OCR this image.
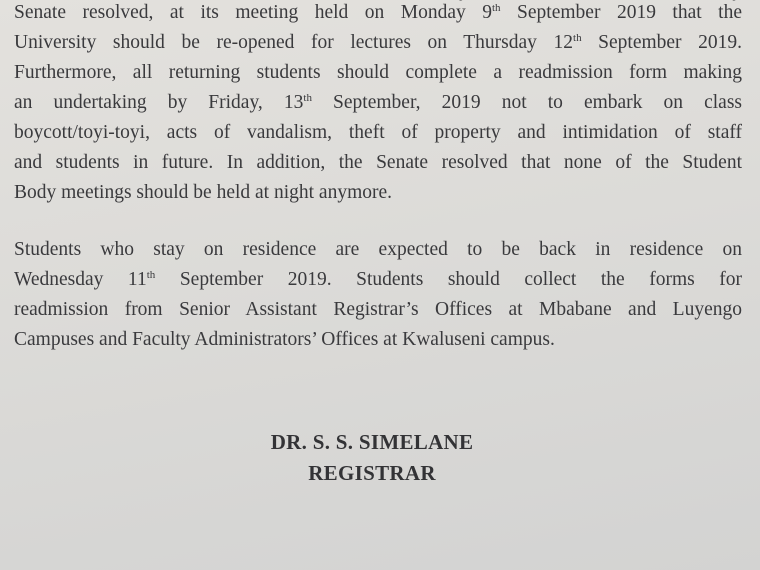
Senate resolved, at its meeting held on Monday 9th September 2019 that the
University should be re-opened for lectures on Thursday 12th September 2019.
Furthermore, all returning students should complete a readmission form making
an undertaking by Friday, 13th September, 2019 not to embark on class
boycott/toyi-toyi, acts of vandalism, theft of property and intimidation of staff
and students in future. In addition, the Senate resolved that none of the Student
Body meetings should be held at night anymore.
Students who stay on residence are expected to be back in residence on
Wednesday 11th September 2019. Students should collect the forms for
readmission from Senior Assistant Registrar’s Offices at Mbabane and Luyengo
Campuses and Faculty Administrators’ Offices at Kwaluseni campus.
DR. S. S. SIMELANE
REGISTRAR
